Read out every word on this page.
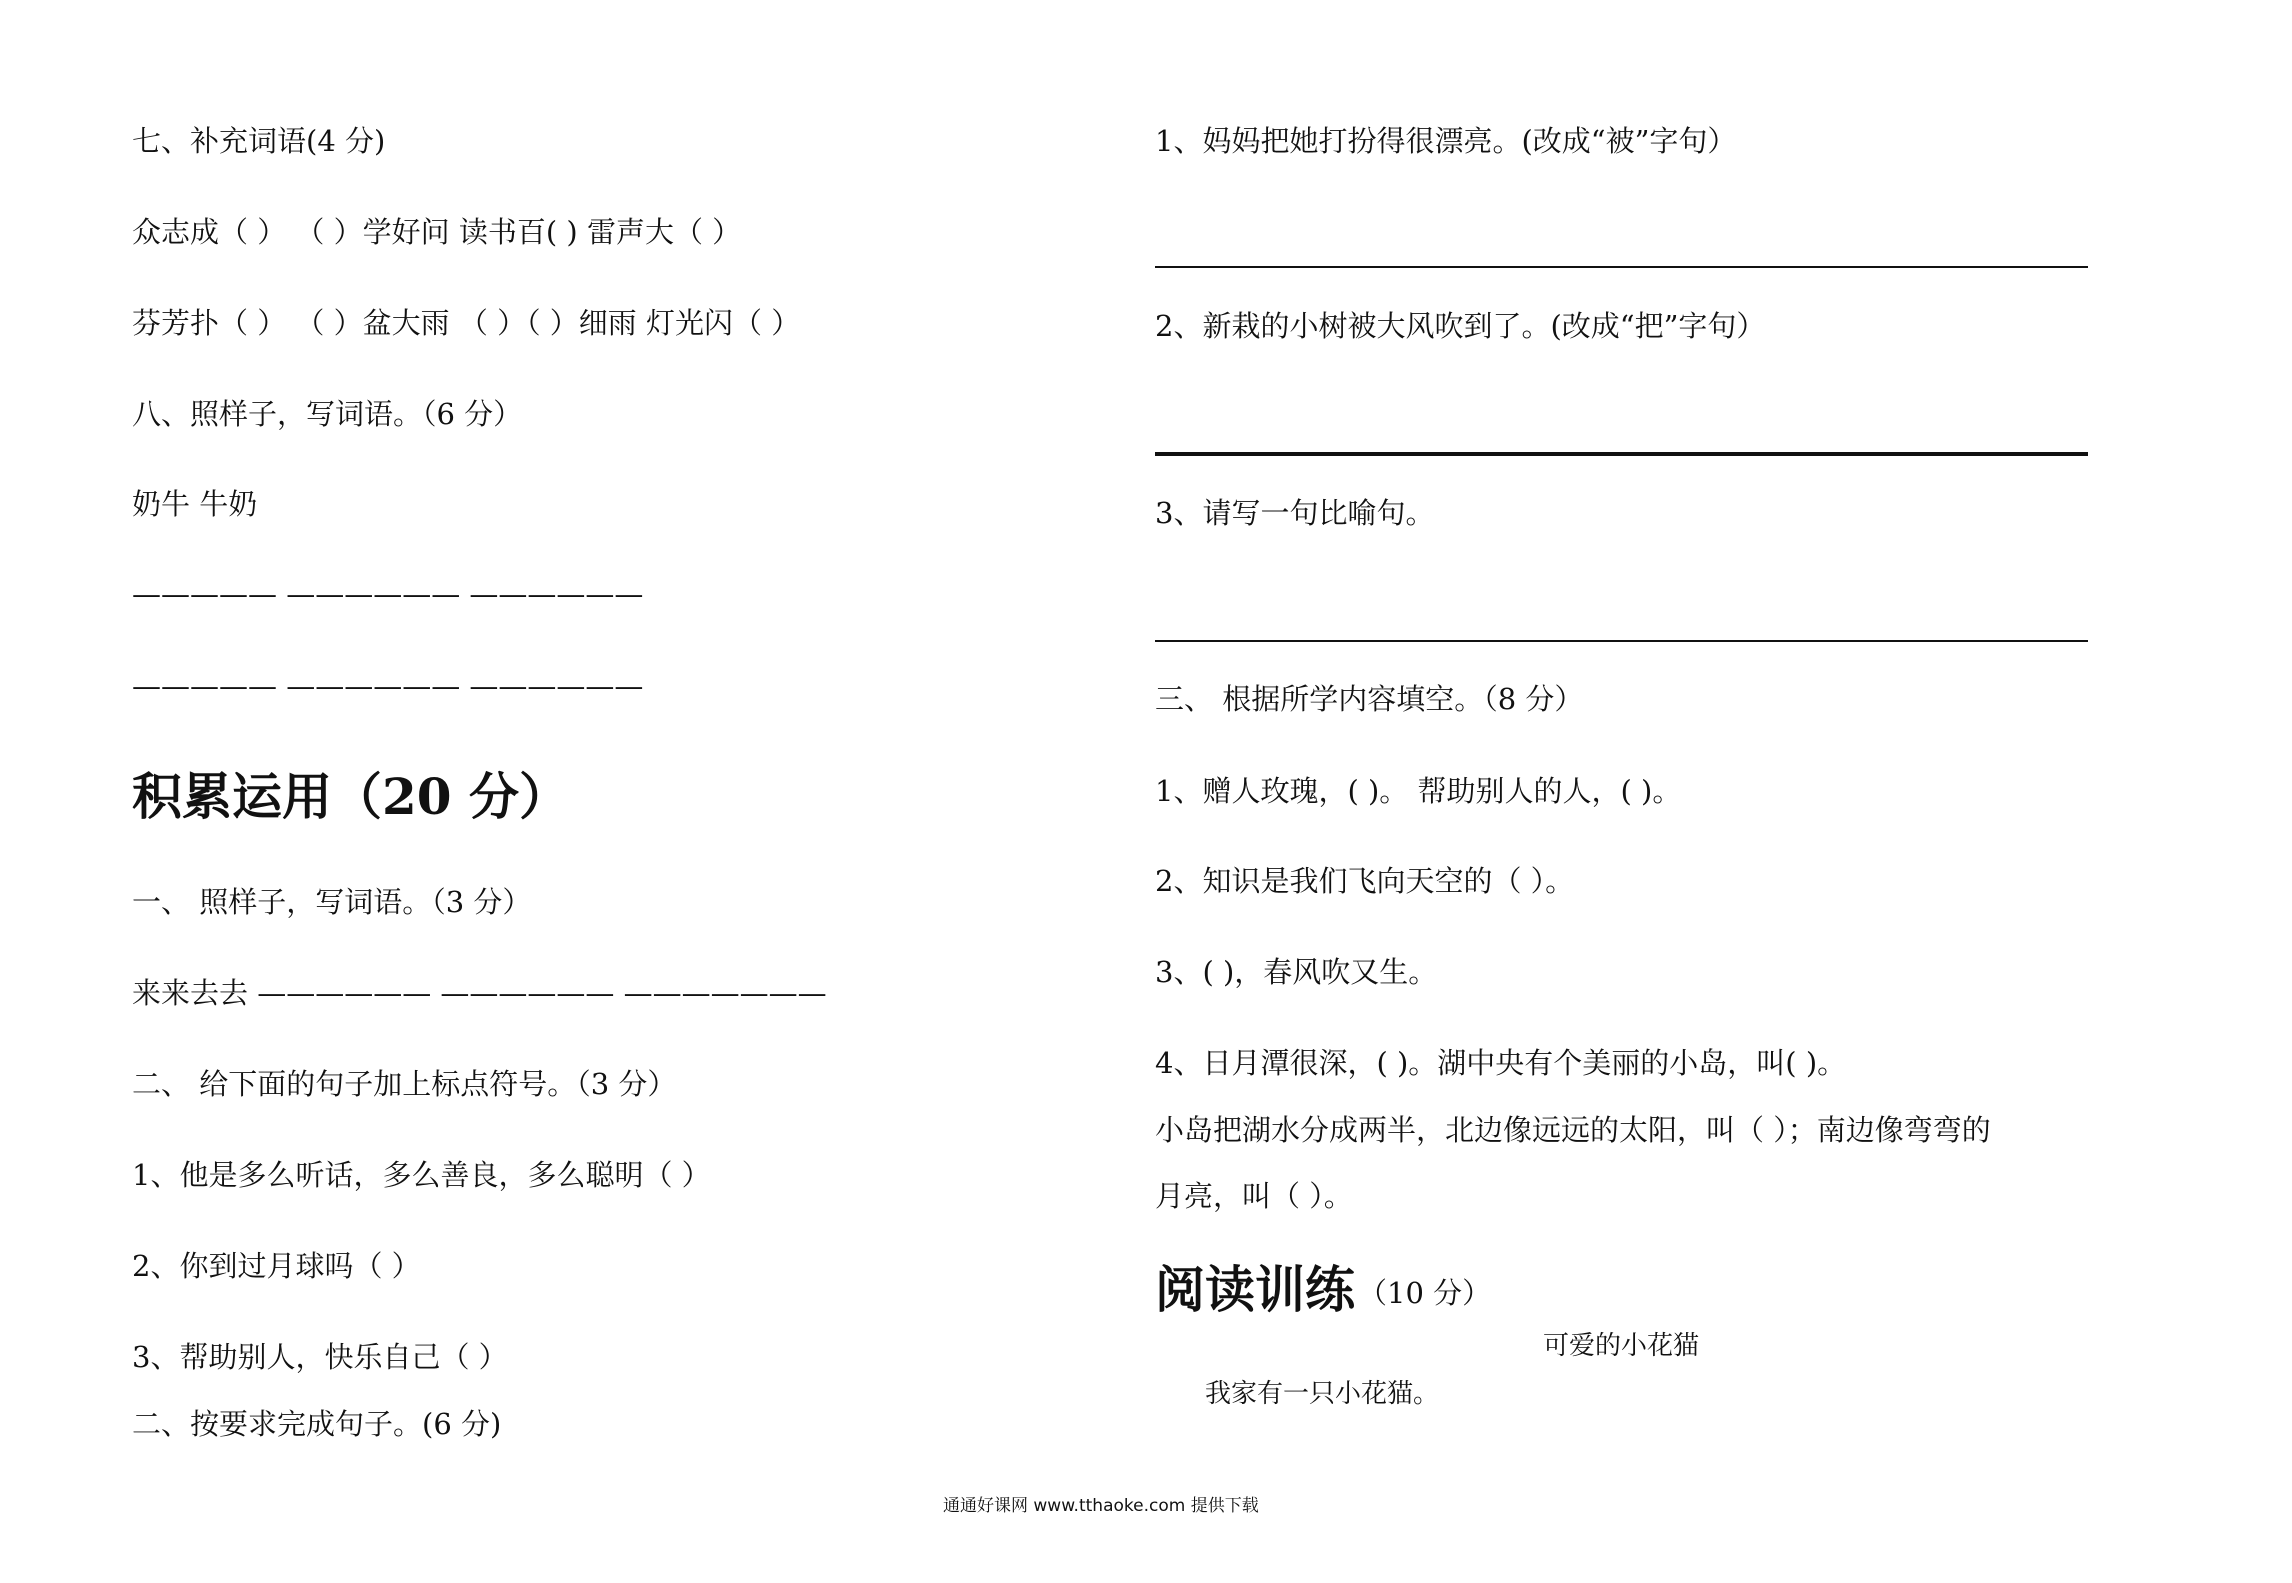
七、补充词语(4 分)
众志成（ ） （ ）学好问 读书百( ) 雷声大（ ）
芬芳扑（ ） （ ）盆大雨 （ ）（ ）细雨 灯光闪（ ）
八、照样子，写词语。（6 分）
奶牛 牛奶
————— —————— ——————
————— —————— ——————
积累运用（20 分）
一、 照样子，写词语。（3 分）
来来去去 —————— —————— ———————
二、 给下面的句子加上标点符号。（3 分）
1、他是多么听话，多么善良，多么聪明（ ）
2、你到过月球吗（ ）
3、帮助别人，快乐自己（ ）
二、按要求完成句子。(6 分)
1、妈妈把她打扮得很漂亮。(改成“被”字句）
2、新栽的小树被大风吹到了。(改成“把”字句）
3、请写一句比喻句。
三、 根据所学内容填空。（8 分）
1、赠人玫瑰，( )。 帮助别人的人，( )。
2、知识是我们飞向天空的（ ）。
3、( )，春风吹又生。
4、日月潭很深，( )。湖中央有个美丽的小岛，叫( )。
小岛把湖水分成两半，北边像远远的太阳，叫（ ）；南边像弯弯的
月亮，叫（ ）。
阅读训练 （10 分）
可爱的小花猫
我家有一只小花猫。
通通好课网 www.tthaoke.com 提供下载
